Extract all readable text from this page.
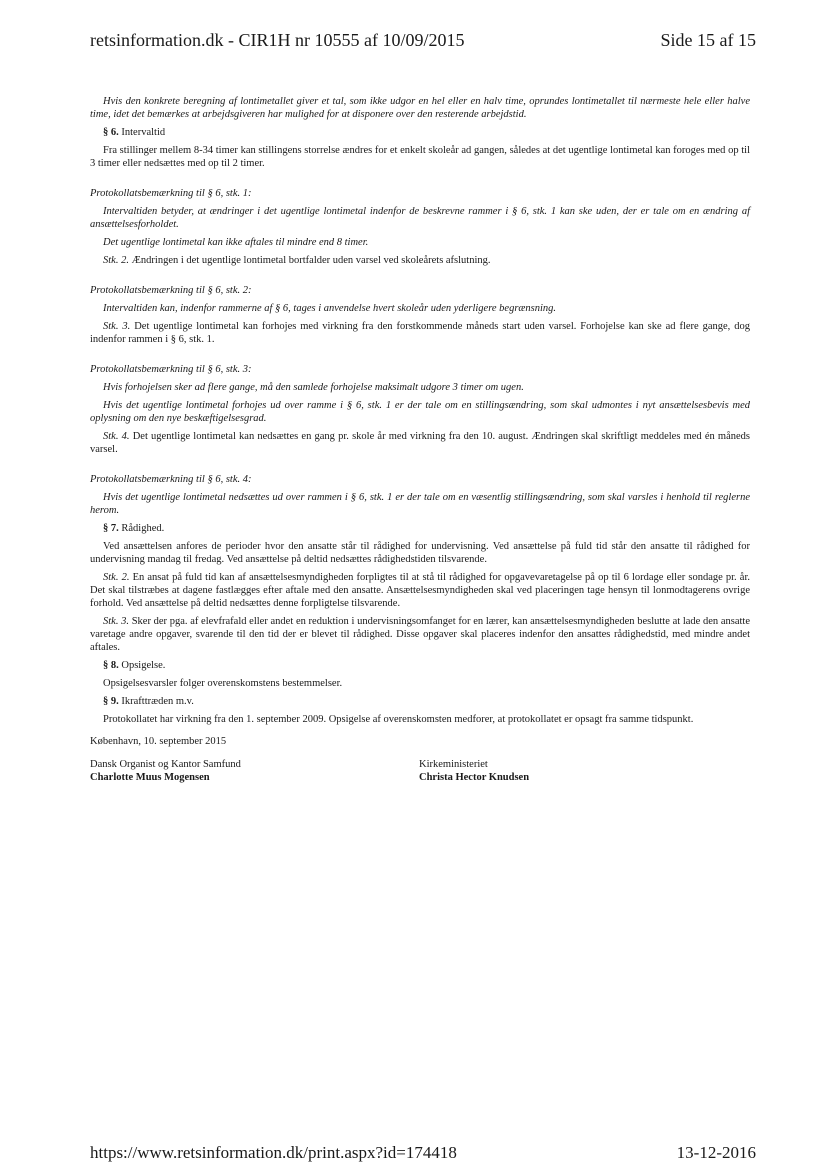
retsinformation.dk - CIR1H nr 10555 af 10/09/2015	Side 15 af 15

Hvis den konkrete beregning af lontimetallet giver et tal, som ikke udgor en hel eller en halv time, oprundes lontimetallet til nærmeste hele eller halve time, idet det bemærkes at arbejdsgiveren har mulighed for at disponere over den resterende arbejdstid.

§ 6. Intervaltid

Fra stillinger mellem 8-34 timer kan stillingens storrelse ændres for et enkelt skoleår ad gangen, således at det ugentlige lontimetal kan foroges med op til 3 timer eller nedsættes med op til 2 timer.

Protokollatsbemærkning til § 6, stk. 1:

Intervaltiden betyder, at ændringer i det ugentlige lontimetal indenfor de beskrevne rammer i § 6, stk. 1 kan ske uden, der er tale om en ændring af ansættelsesforholdet.

Det ugentlige lontimetal kan ikke aftales til mindre end 8 timer.

Stk. 2. Ændringen i det ugentlige lontimetal bortfalder uden varsel ved skoleårets afslutning.

Protokollatsbemærkning til § 6, stk. 2:

Intervaltiden kan, indenfor rammerne af § 6, tages i anvendelse hvert skoleår uden yderligere begrænsning.

Stk. 3. Det ugentlige lontimetal kan forhojes med virkning fra den forstkommende måneds start uden varsel. Forhojelse kan ske ad flere gange, dog indenfor rammen i § 6, stk. 1.

Protokollatsbemærkning til § 6, stk. 3:

Hvis forhojelsen sker ad flere gange, må den samlede forhojelse maksimalt udgore 3 timer om ugen.

Hvis det ugentlige lontimetal forhojes ud over ramme i § 6, stk. 1 er der tale om en stillingsændring, som skal udmontes i nyt ansættelsesbevis med oplysning om den nye beskæftigelsesgrad.

Stk. 4. Det ugentlige lontimetal kan nedsættes en gang pr. skole år med virkning fra den 10. august. Ændringen skal skriftligt meddeles med én måneds varsel.

Protokollatsbemærkning til § 6, stk. 4:

Hvis det ugentlige lontimetal nedsættes ud over rammen i § 6, stk. 1 er der tale om en væsentlig stillingsændring, som skal varsles i henhold til reglerne herom.

§ 7. Rådighed.

Ved ansættelsen anfores de perioder hvor den ansatte står til rådighed for undervisning. Ved ansættelse på fuld tid står den ansatte til rådighed for undervisning mandag til fredag. Ved ansættelse på deltid nedsættes rådighedstiden tilsvarende.

Stk. 2. En ansat på fuld tid kan af ansættelsesmyndigheden forpligtes til at stå til rådighed for opgavevaretagelse på op til 6 lordage eller sondage pr. år. Det skal tilstræbes at dagene fastlægges efter aftale med den ansatte. Ansættelsesmyndigheden skal ved placeringen tage hensyn til lonmodtagerens ovrige forhold. Ved ansættelse på deltid nedsættes denne forpligtelse tilsvarende.

Stk. 3. Sker der pga. af elevfrafald eller andet en reduktion i undervisningsomfanget for en lærer, kan ansættelsesmyndigheden beslutte at lade den ansatte varetage andre opgaver, svarende til den tid der er blevet til rådighed. Disse opgaver skal placeres indenfor den ansattes rådighedstid, med mindre andet aftales.

§ 8. Opsigelse.

Opsigelsesvarsler folger overenskomstens bestemmelser.

§ 9. Ikrafttræden m.v.

Protokollatet har virkning fra den 1. september 2009. Opsigelse af overenskomsten medforer, at protokollatet er opsagt fra samme tidspunkt.

København, 10. september 2015

Dansk Organist og Kantor Samfund
Charlotte Muus Mogensen
Kirkeministeriet
Christa Hector Knudsen
https://www.retsinformation.dk/print.aspx?id=174418	13-12-2016
